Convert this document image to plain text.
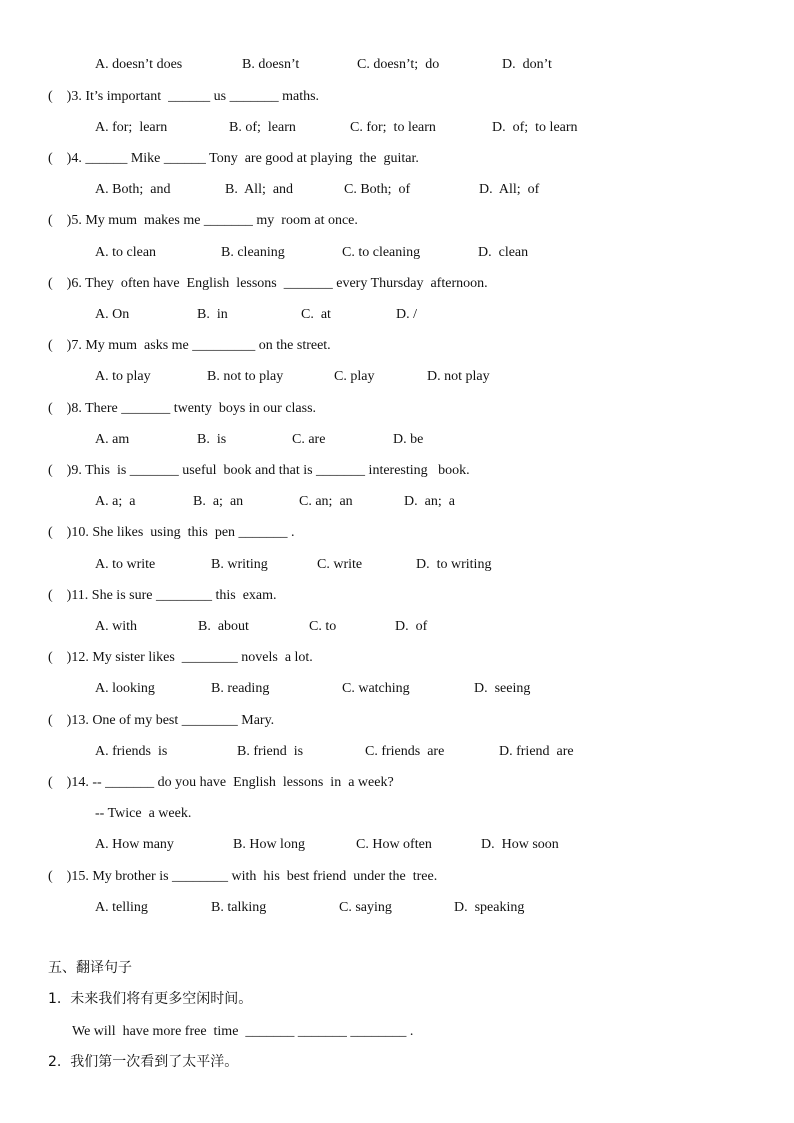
A. doesn’t does	B. doesn’t	C. doesn’t;  do	D.  don’t
(    )3. It’s important  ______ us _______ maths.
A. for;  learn	B. of;  learn	C. for;  to learn	D.  of;  to learn
(    )4. ______ Mike ______ Tony  are good at playing  the  guitar.
A. Both;  and	B.  All;  and	C. Both;  of	D.  All;  of
(    )5. My mum  makes me _______ my  room at once.
A. to clean	B. cleaning	C. to cleaning	D.  clean
(    )6. They  often have  English  lessons  _______ every Thursday  afternoon.
A. On	B.  in	C.  at	D. /
(    )7. My mum  asks me _________ on the street.
A. to play	B. not to play	C. play	D. not play
(    )8. There _______ twenty  boys in our class.
A. am	B.  is	C. are	D. be
(    )9. This  is _______ useful  book and that is _______ interesting   book.
A. a;  a	B.  a;  an	C. an;  an	D.  an;  a
(    )10. She likes  using  this  pen _______ .
A. to write	B. writing	C. write	D.  to writing
(    )11. She is sure ________ this  exam.
A. with	B.  about	C. to	D.  of
(    )12. My sister likes  ________ novels  a lot.
A. looking	B. reading	C. watching	D.  seeing
(    )13. One of my best ________ Mary.
A. friends  is	B. friend  is	C. friends  are	D. friend  are
(    )14. -- _______ do you have  English  lessons  in  a week?
-- Twice  a week.
A. How many	B. How long	C. How often	D.  How soon
(    )15. My brother is ________ with  his  best friend  under the  tree.
A. telling	B. talking	C. saying	D.  speaking
五、翻译句子
1.  未来我们将有更多空闲时间。
We will  have more free  time  _______ _______ ________ .
2.  我们第一次看到了太平洋。
